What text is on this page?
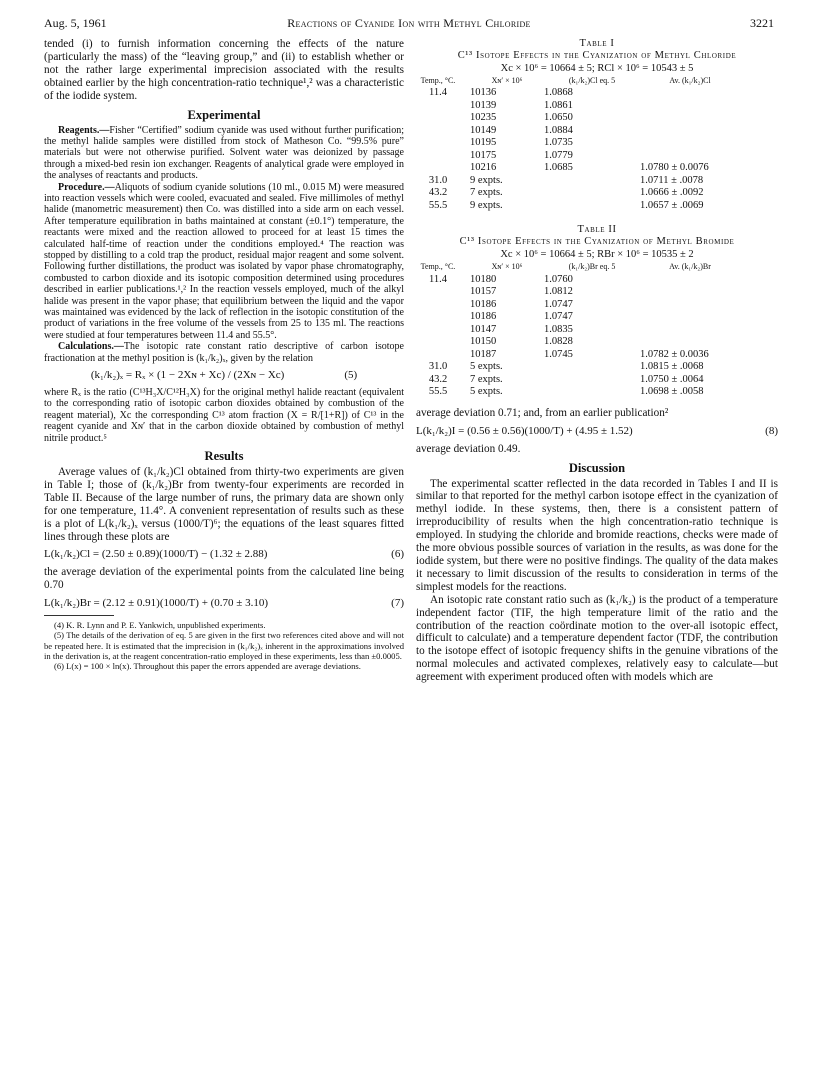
Aug. 5, 1961	Reactions of Cyanide Ion with Methyl Chloride	3221

tended (i) to furnish information concerning the effects of the nature (particularly the mass) of the “leaving group,” and (ii) to establish whether or not the rather large experimental imprecision associated with the results obtained earlier by the high concentration-ratio technique¹,² was a characteristic of the iodide system.

Experimental

Reagents.—Fisher “Certified” sodium cyanide was used without further purification; the methyl halide samples were distilled from stock of Matheson Co. “99.5% pure” materials but were not otherwise purified. Solvent water was deionized by passage through a mixed-bed resin ion exchanger. Reagents of analytical grade were employed in the analyses of reactants and products.

Procedure.—Aliquots of sodium cyanide solutions (10 ml., 0.015 M) were measured into reaction vessels which were cooled, evacuated and sealed. Five millimoles of methyl halide (manometric measurement) then Co. was distilled into a side arm on each vessel. After temperature equilibration in baths maintained at constant (±0.1°) temperature, the reactants were mixed and the reaction allowed to proceed for at least 15 times the calculated half-time of reaction under the conditions employed.⁴ The reaction was stopped by distilling to a cold trap the product, residual major reagent and some solvent. Following further distillations, the product was isolated by vapor phase chromatography, combusted to carbon dioxide and its isotopic composition determined using procedures described in earlier publications.¹,² In the reaction vessels employed, much of the alkyl halide was present in the vapor phase; that equilibrium between the liquid and the vapor was maintained was evidenced by the lack of reflection in the isotopic constitution of the product of variations in the free volume of the vessels from 25 to 135 ml. The reactions were studied at four temperatures between 11.4 and 55.5°.

Calculations.—The isotopic rate constant ratio descriptive of carbon isotope fractionation at the methyl position is (k₁/k₂)ₓ, given by the relation

(k₁/k₂)ₓ = Rₓ × (1 − 2Xɴ + Xc) / (2Xɴ − Xc)	(5)

where Rₓ is the ratio (C¹³H₃X/C¹²H₃X) for the original methyl halide reactant (equivalent to the corresponding ratio of isotopic carbon dioxides obtained by combustion of the reagent material), Xc the corresponding C¹³ atom fraction (X = R/[1+R]) of C¹³ in the reagent cyanide and Xɴ′ that in the carbon dioxide obtained by combustion of methyl nitrile product.⁵

Results

Average values of (k₁/k₂)Cl obtained from thirty-two experiments are given in Table I; those of (k₁/k₂)Br from twenty-four experiments are recorded in Table II. Because of the large number of runs, the primary data are shown only for one temperature, 11.4°. A convenient representation of results such as these is a plot of L(k₁/k₂)ₓ versus (1000/T)⁶; the equations of the least squares fitted lines through these plots are

L(k₁/k₂)Cl = (2.50 ± 0.89)(1000/T) − (1.32 ± 2.88)	(6)

the average deviation of the experimental points from the calculated line being 0.70

L(k₁/k₂)Br = (2.12 ± 0.91)(1000/T) + (0.70 ± 3.10)	(7)

(4) K. R. Lynn and P. E. Yankwich, unpublished experiments.

(5) The details of the derivation of eq. 5 are given in the first two references cited above and will not be repeated here. It is estimated that the imprecision in (k₁/k₂)ₓ inherent in the approximations involved in the derivation is, at the reagent concentration-ratio employed in these experiments, less than ±0.0005.

(6) L(x) = 100 × ln(x). Throughout this paper the errors appended are average deviations.

Table I
C¹³ Isotope Effects in the Cyanization of Methyl Chloride
Xc × 10⁶ = 10664 ± 5; RCl × 10⁶ = 10543 ± 5
Temp., °C.	Xɴ′ × 10⁶	(k₁/k₂)Cl eq. 5	Av. (k₁/k₂)Cl
11.4	10136	1.0868	
	10139	1.0861	
	10235	1.0650	
	10149	1.0884	
	10195	1.0735	
	10175	1.0779	
	10216	1.0685	1.0780 ± 0.0076
31.0	9 expts.		1.0711 ± .0078
43.2	7 expts.		1.0666 ± .0092
55.5	9 expts.		1.0657 ± .0069
Table II
C¹³ Isotope Effects in the Cyanization of Methyl Bromide
Xc × 10⁶ = 10664 ± 5; RBr × 10⁶ = 10535 ± 2
Temp., °C.	Xɴ′ × 10⁶	(k₁/k₂)Br eq. 5	Av. (k₁/k₂)Br
11.4	10180	1.0760	
	10157	1.0812	
	10186	1.0747	
	10186	1.0747	
	10147	1.0835	
	10150	1.0828	
	10187	1.0745	1.0782 ± 0.0036
31.0	5 expts.		1.0815 ± .0068
43.2	7 expts.		1.0750 ± .0064
55.5	5 expts.		1.0698 ± .0058

average deviation 0.71; and, from an earlier publication²

L(k₁/k₂)I = (0.56 ± 0.56)(1000/T) + (4.95 ± 1.52)	(8)

average deviation 0.49.

Discussion

The experimental scatter reflected in the data recorded in Tables I and II is similar to that reported for the methyl carbon isotope effect in the cyanization of methyl iodide. In these systems, then, there is a consistent pattern of irreproducibility of results when the high concentration-ratio technique is employed. In studying the chloride and bromide reactions, checks were made of the more obvious possible sources of variation in the results, as was done for the iodide system, but there were no positive findings. The quality of the data makes it necessary to limit discussion of the results to consideration in terms of the simplest models for the reactions.

An isotopic rate constant ratio such as (k₁/k₂) is the product of a temperature independent factor (TIF, the high temperature limit of the ratio and the contribution of the reaction coördinate motion to the over-all isotopic effect, difficult to calculate) and a temperature dependent factor (TDF, the contribution to the isotope effect of isotopic frequency shifts in the genuine vibrations of the normal molecules and activated complexes, relatively easy to calculate—but agreement with experiment produced often with models which are
